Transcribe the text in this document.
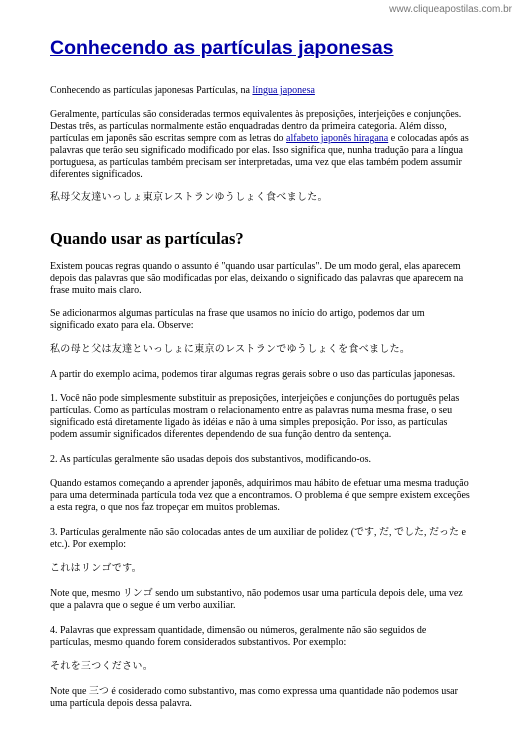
www.cliqueapostilas.com.br
Conhecendo as partículas japonesas

Conhecendo as partículas japonesas Partículas, na língua japonesa

Geralmente, partículas são consideradas termos equivalentes às preposições, interjeições e conjunções. Destas três, as partículas normalmente estão enquadradas dentro da primeira categoria. Além disso, partículas em japonês são escritas sempre com as letras do alfabeto japonês hiragana e colocadas após as palavras que terão seu significado modificado por elas. Isso significa que, nunha tradução para a língua portuguesa, as partículas também precisam ser interpretadas, uma vez que elas também podem assumir diferentes significados.

私母父友達いっしょ東京レストランゆうしょく食べました。

Quando usar as partículas?

Existem poucas regras quando o assunto é "quando usar partículas". De um modo geral, elas aparecem depois das palavras que são modificadas por elas, deixando o significado das palavras que aparecem na frase muito mais claro.

Se adicionarmos algumas partículas na frase que usamos no início do artigo, podemos dar um significado exato para ela. Observe:

私の母と父は友達といっしょに東京のレストランでゆうしょくを食べました。

A partir do exemplo acima, podemos tirar algumas regras gerais sobre o uso das partículas japonesas.

1. Você não pode simplesmente substituir as preposições, interjeições e conjunções do português pelas partículas. Como as partículas mostram o relacionamento entre as palavras numa mesma frase, o seu significado está diretamente ligado às idéias e não à uma simples preposição. Por isso, as partículas podem assumir significados diferentes dependendo de sua função dentro da sentença.

2. As partículas geralmente são usadas depois dos substantivos, modificando-os.

Quando estamos começando a aprender japonês, adquirimos mau hábito de efetuar uma mesma tradução para uma determinada partícula toda vez que a encontramos. O problema é que sempre existem exceções a esta regra, o que nos faz tropeçar em muitos problemas.

3. Partículas geralmente não são colocadas antes de um auxiliar de polidez (です, だ, でした, だった e etc.). Por exemplo:

これはリンゴです。

Note que, mesmo リンゴ sendo um substantivo, não podemos usar uma partícula depois dele, uma vez que a palavra que o segue é um verbo auxiliar.

4. Palavras que expressam quantidade, dimensão ou números, geralmente não são seguidos de partículas, mesmo quando forem considerados substantivos. Por exemplo:

それを三つください。

Note que 三つ é cosiderado como substantivo, mas como expressa uma quantidade não podemos usar uma partícula depois dessa palavra.
